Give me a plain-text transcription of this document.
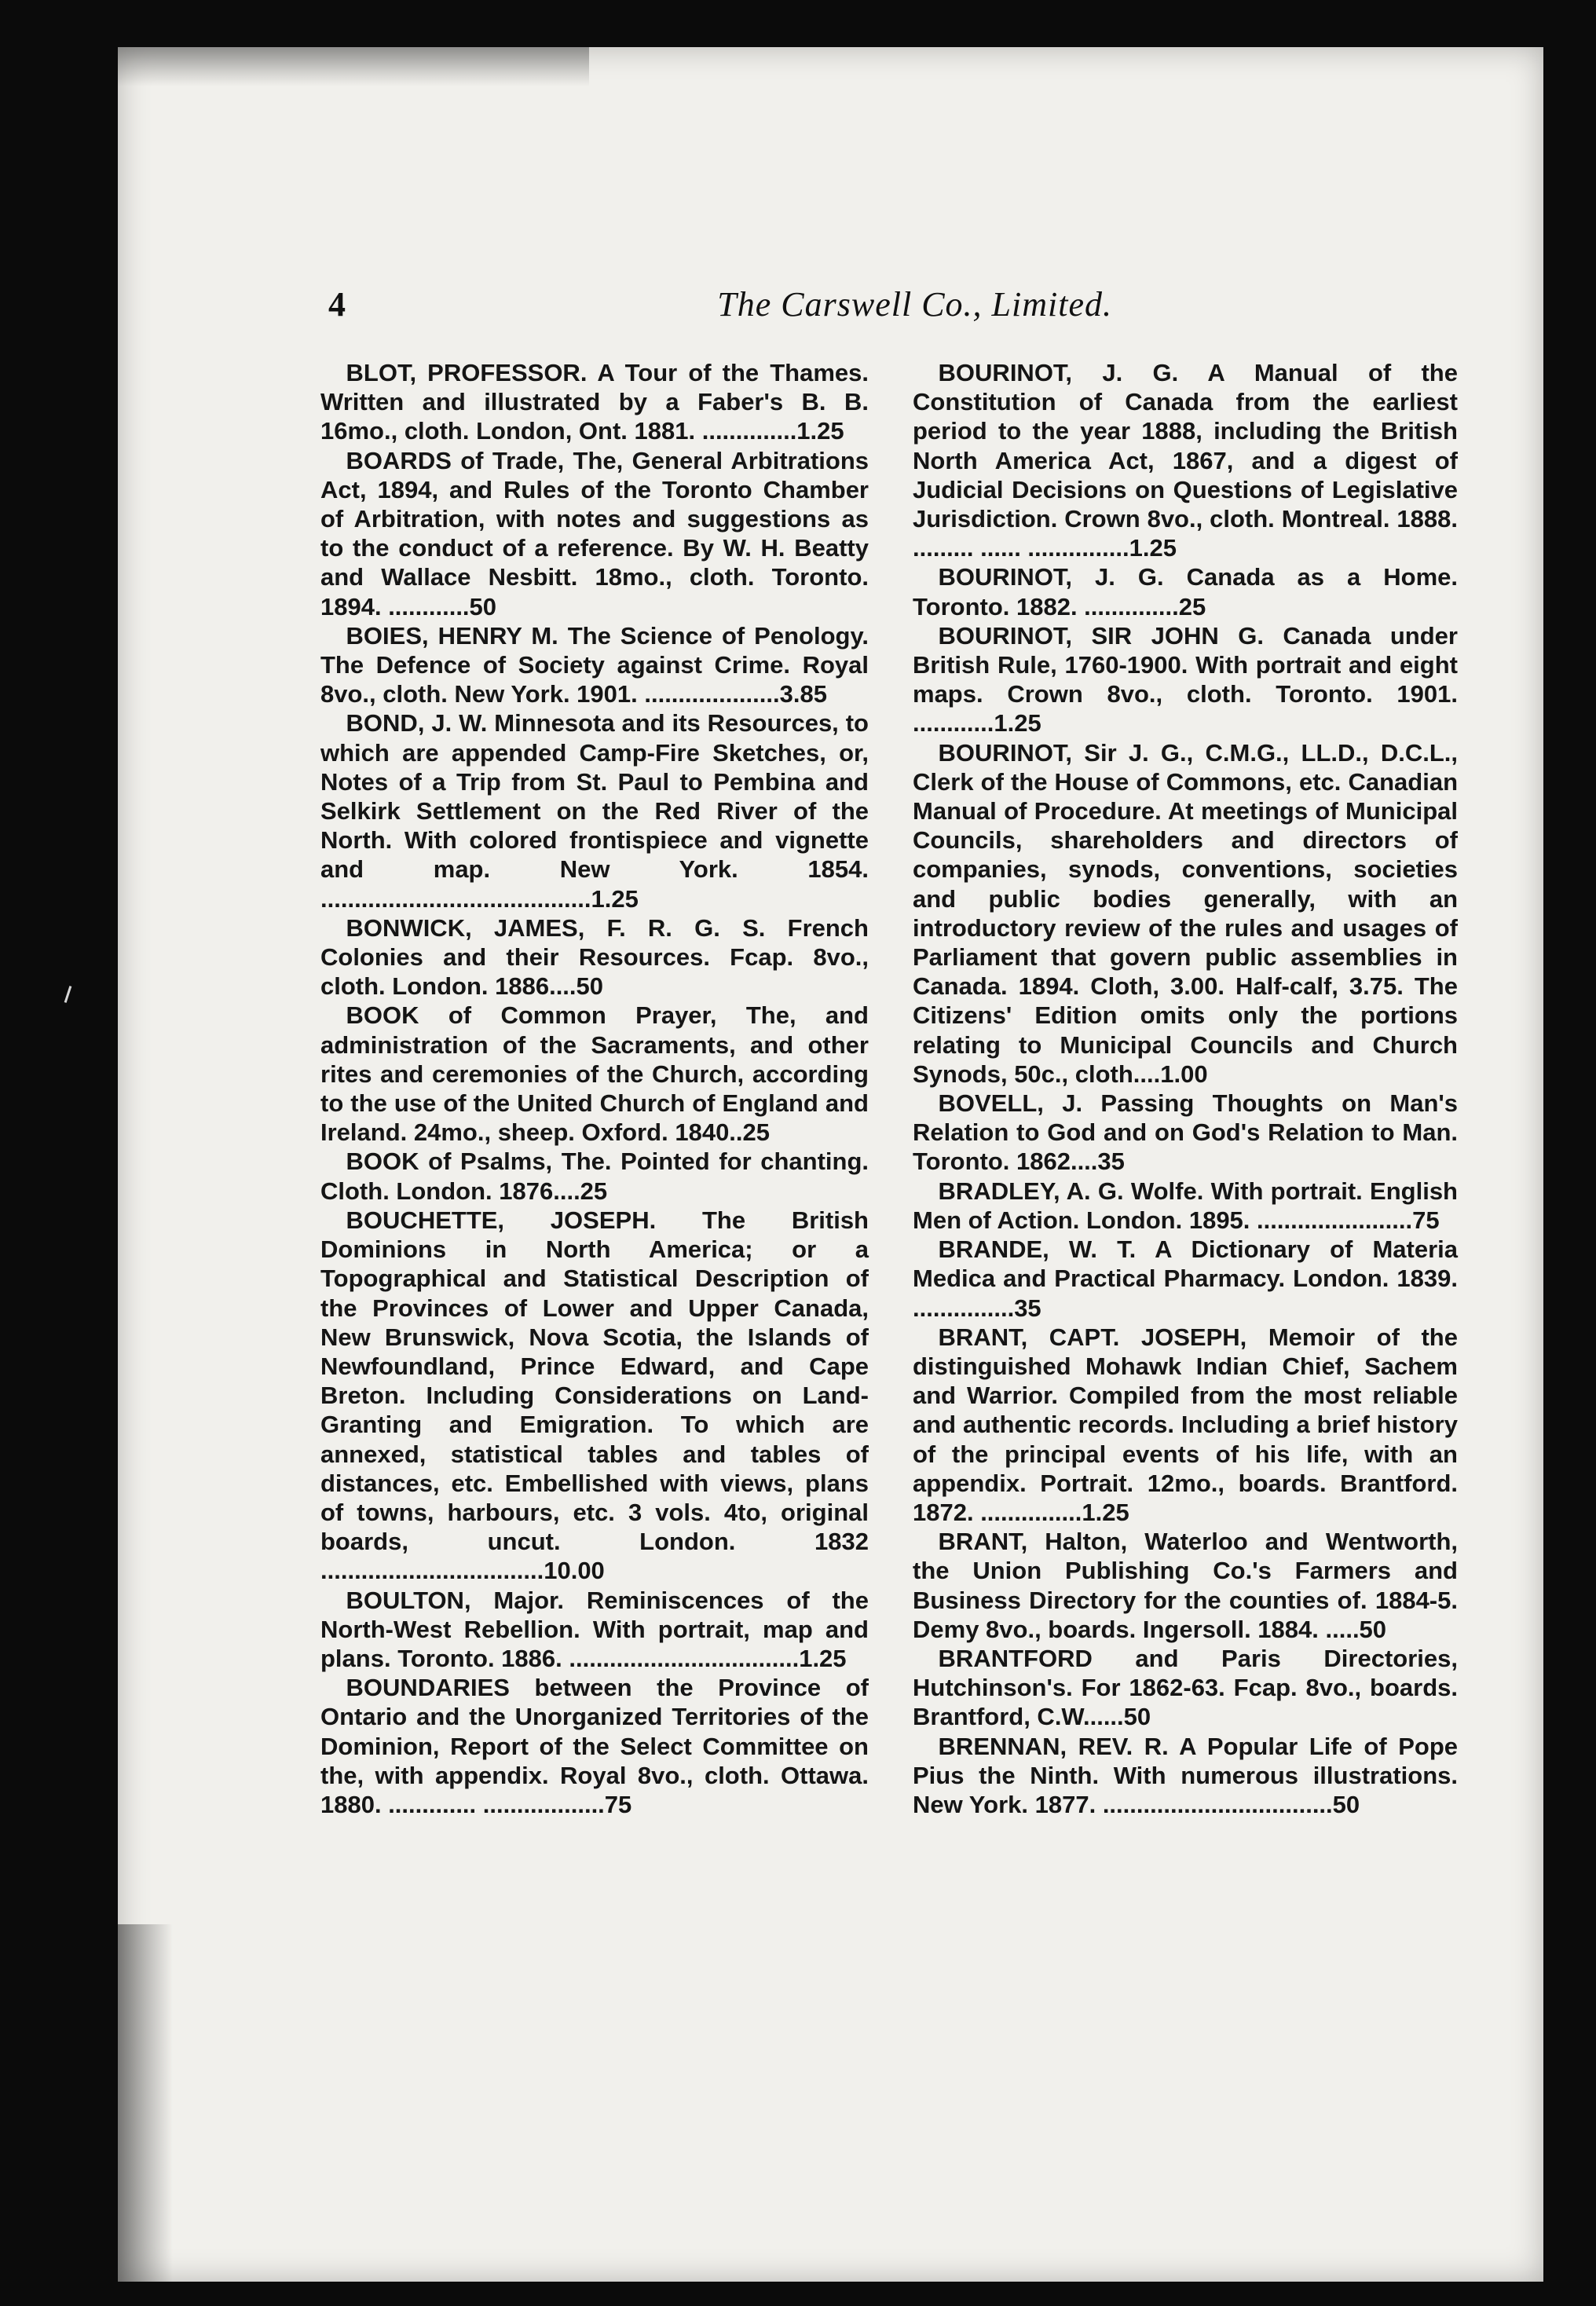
4	The Carswell Co., Limited.

BLOT, PROFESSOR. A Tour of the Thames. Written and illustrated by a Faber's B. B. 16mo., cloth. London, Ont. 1881. ..............1.25

BOARDS of Trade, The, General Arbitrations Act, 1894, and Rules of the Toronto Chamber of Arbitration, with notes and suggestions as to the conduct of a reference. By W. H. Beatty and Wallace Nesbitt. 18mo., cloth. Toronto. 1894. ............50

BOIES, HENRY M. The Science of Penology. The Defence of Society against Crime. Royal 8vo., cloth. New York. 1901. ....................3.85

BOND, J. W. Minnesota and its Resources, to which are appended Camp-Fire Sketches, or, Notes of a Trip from St. Paul to Pembina and Selkirk Settlement on the Red River of the North. With colored frontispiece and vignette and map. New York. 1854. ........................................1.25

BONWICK, JAMES, F. R. G. S. French Colonies and their Resources. Fcap. 8vo., cloth. London. 1886....50

BOOK of Common Prayer, The, and administration of the Sacraments, and other rites and ceremonies of the Church, according to the use of the United Church of England and Ireland. 24mo., sheep. Oxford. 1840..25

BOOK of Psalms, The. Pointed for chanting. Cloth. London. 1876....25

BOUCHETTE, JOSEPH. The British Dominions in North America; or a Topographical and Statistical Description of the Provinces of Lower and Upper Canada, New Brunswick, Nova Scotia, the Islands of Newfoundland, Prince Edward, and Cape Breton. Including Considerations on Land-Granting and Emigration. To which are annexed, statistical tables and tables of distances, etc. Embellished with views, plans of towns, harbours, etc. 3 vols. 4to, original boards, uncut. London. 1832 .................................10.00

BOULTON, Major. Reminiscences of the North-West Rebellion. With portrait, map and plans. Toronto. 1886. ..................................1.25

BOUNDARIES between the Province of Ontario and the Unorganized Territories of the Dominion, Report of the Select Committee on the, with appendix. Royal 8vo., cloth. Ottawa. 1880. ............. ..................75

BOURINOT, J. G. A Manual of the Constitution of Canada from the earliest period to the year 1888, including the British North America Act, 1867, and a digest of Judicial Decisions on Questions of Legislative Jurisdiction. Crown 8vo., cloth. Montreal. 1888. ......... ...... ...............1.25

BOURINOT, J. G. Canada as a Home. Toronto. 1882. ..............25

BOURINOT, SIR JOHN G. Canada under British Rule, 1760-1900. With portrait and eight maps. Crown 8vo., cloth. Toronto. 1901. ............1.25

BOURINOT, Sir J. G., C.M.G., LL.D., D.C.L., Clerk of the House of Commons, etc. Canadian Manual of Procedure. At meetings of Municipal Councils, shareholders and directors of companies, synods, conventions, societies and public bodies generally, with an introductory review of the rules and usages of Parliament that govern public assemblies in Canada. 1894. Cloth, 3.00. Half-calf, 3.75. The Citizens' Edition omits only the portions relating to Municipal Councils and Church Synods, 50c., cloth....1.00

BOVELL, J. Passing Thoughts on Man's Relation to God and on God's Relation to Man. Toronto. 1862....35

BRADLEY, A. G. Wolfe. With portrait. English Men of Action. London. 1895. .......................75

BRANDE, W. T. A Dictionary of Materia Medica and Practical Pharmacy. London. 1839. ...............35

BRANT, CAPT. JOSEPH, Memoir of the distinguished Mohawk Indian Chief, Sachem and Warrior. Compiled from the most reliable and authentic records. Including a brief history of the principal events of his life, with an appendix. Portrait. 12mo., boards. Brantford. 1872. ...............1.25

BRANT, Halton, Waterloo and Wentworth, the Union Publishing Co.'s Farmers and Business Directory for the counties of. 1884-5. Demy 8vo., boards. Ingersoll. 1884. .....50

BRANTFORD and Paris Directories, Hutchinson's. For 1862-63. Fcap. 8vo., boards. Brantford, C.W......50

BRENNAN, REV. R. A Popular Life of Pope Pius the Ninth. With numerous illustrations. New York. 1877. ..................................50
